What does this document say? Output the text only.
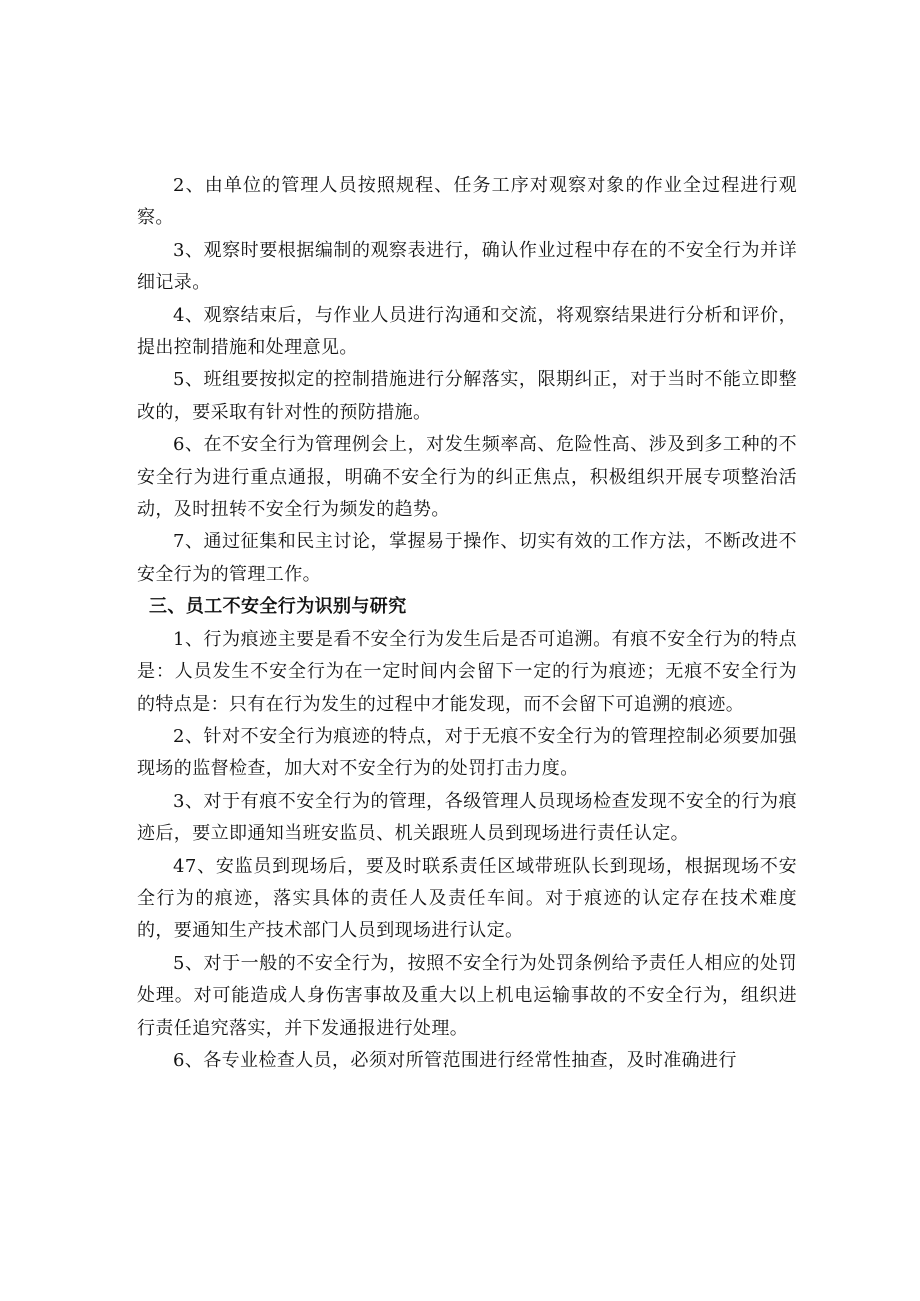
2、由单位的管理人员按照规程、任务工序对观察对象的作业全过程进行观察。

3、观察时要根据编制的观察表进行，确认作业过程中存在的不安全行为并详细记录。

4、观察结束后，与作业人员进行沟通和交流，将观察结果进行分析和评价，提出控制措施和处理意见。

5、班组要按拟定的控制措施进行分解落实，限期纠正，对于当时不能立即整改的，要采取有针对性的预防措施。

6、在不安全行为管理例会上，对发生频率高、危险性高、涉及到多工种的不安全行为进行重点通报，明确不安全行为的纠正焦点，积极组织开展专项整治活动，及时扭转不安全行为频发的趋势。

7、通过征集和民主讨论，掌握易于操作、切实有效的工作方法，不断改进不安全行为的管理工作。

三、员工不安全行为识别与研究

1、行为痕迹主要是看不安全行为发生后是否可追溯。有痕不安全行为的特点是：人员发生不安全行为在一定时间内会留下一定的行为痕迹；无痕不安全行为的特点是：只有在行为发生的过程中才能发现，而不会留下可追溯的痕迹。

2、针对不安全行为痕迹的特点，对于无痕不安全行为的管理控制必须要加强现场的监督检查，加大对不安全行为的处罚打击力度。

3、对于有痕不安全行为的管理，各级管理人员现场检查发现不安全的行为痕迹后，要立即通知当班安监员、机关跟班人员到现场进行责任认定。

47、安监员到现场后，要及时联系责任区域带班队长到现场，根据现场不安全行为的痕迹，落实具体的责任人及责任车间。对于痕迹的认定存在技术难度的，要通知生产技术部门人员到现场进行认定。

5、对于一般的不安全行为，按照不安全行为处罚条例给予责任人相应的处罚处理。对可能造成人身伤害事故及重大以上机电运输事故的不安全行为，组织进行责任追究落实，并下发通报进行处理。

6、各专业检查人员，必须对所管范围进行经常性抽查，及时准确进行
